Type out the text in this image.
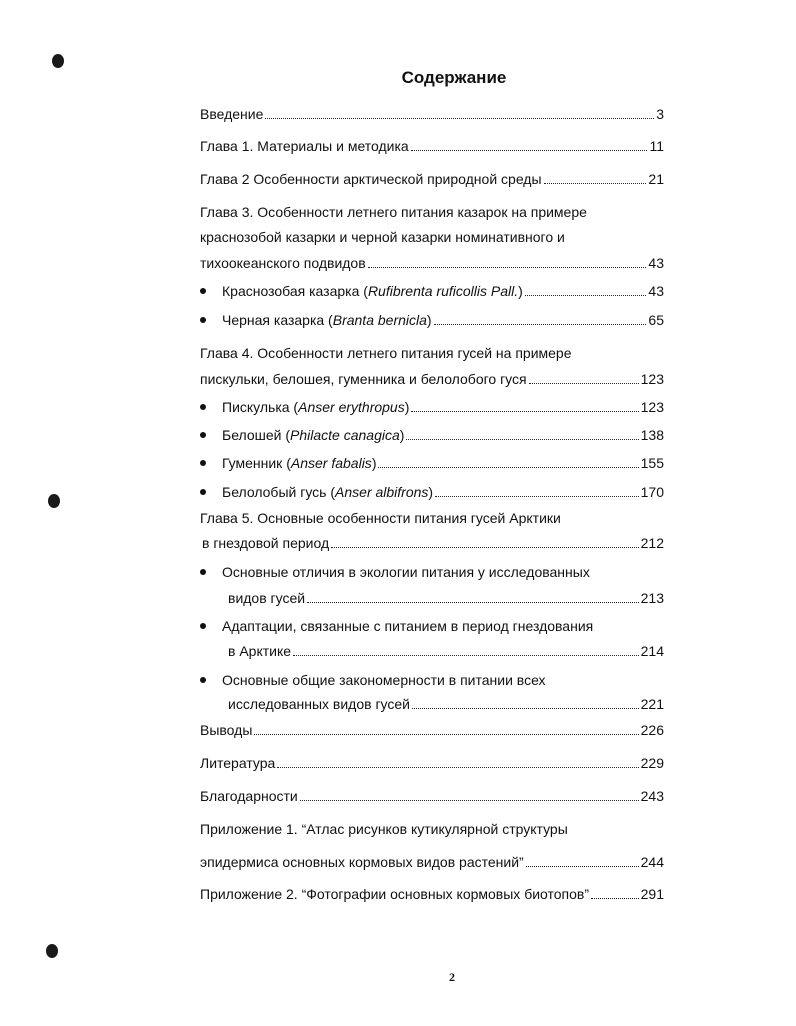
Содержание
Введение	3
Глава 1. Материалы и методика	11
Глава 2 Особенности арктической природной среды	21
Глава 3. Особенности летнего питания казарок на примере
краснозобой казарки и черной казарки номинативного и
тихоокеанского подвидов	43
Краснозобая казарка (Rufibrenta ruficollis Pall.)	43
Черная казарка (Branta bernicla)	65
Глава 4. Особенности летнего питания гусей на примере
пискульки, белошея, гуменника и белолобого гуся	123
Пискулька (Anser erythropus)	123
Белошей (Philacte canagica)	138
Гуменник (Anser fabalis)	155
Белолобый гусь (Anser albifrons)	170
Глава 5. Основные особенности питания гусей Арктики
в гнездовой период	212
Основные отличия в экологии питания у исследованных
видов гусей	213
Адаптации, связанные с питанием в период гнездования
в Арктике	214
Основные общие закономерности в питании всех
исследованных видов гусей	221
Выводы	226
Литература	229
Благодарности	243
Приложение 1. “Атлас рисунков кутикулярной структуры
эпидермиса основных кормовых видов растений”	244
Приложение 2. “Фотографии основных кормовых биотопов”	291
2
